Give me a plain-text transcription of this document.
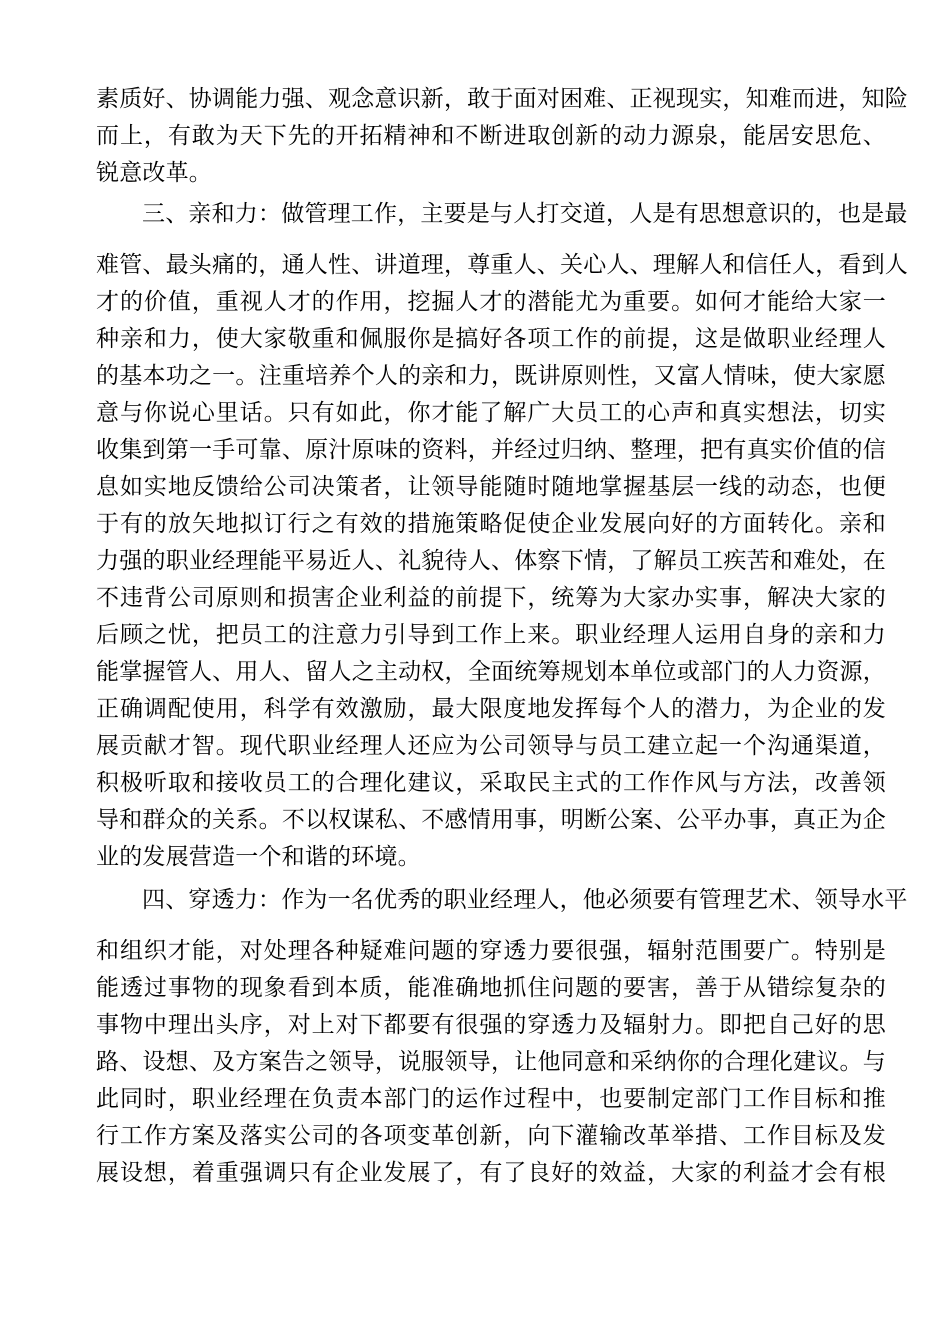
素质好、协调能力强、观念意识新，敢于面对困难、正视现实，知难而进，知险
而上，有敢为天下先的开拓精神和不断进取创新的动力源泉，能居安思危、
锐意改革。
三、亲和力：做管理工作，主要是与人打交道，人是有思想意识的，也是最
难管、最头痛的，通人性、讲道理，尊重人、关心人、理解人和信任人，看到人
才的价值，重视人才的作用，挖掘人才的潜能尤为重要。如何才能给大家一
种亲和力，使大家敬重和佩服你是搞好各项工作的前提，这是做职业经理人
的基本功之一。注重培养个人的亲和力，既讲原则性，又富人情味，使大家愿
意与你说心里话。只有如此，你才能了解广大员工的心声和真实想法，切实
收集到第一手可靠、原汁原味的资料，并经过归纳、整理，把有真实价值的信
息如实地反馈给公司决策者，让领导能随时随地掌握基层一线的动态，也便
于有的放矢地拟订行之有效的措施策略促使企业发展向好的方面转化。亲和
力强的职业经理能平易近人、礼貌待人、体察下情，了解员工疾苦和难处，在
不违背公司原则和损害企业利益的前提下，统筹为大家办实事，解决大家的
后顾之忧，把员工的注意力引导到工作上来。职业经理人运用自身的亲和力
能掌握管人、用人、留人之主动权，全面统筹规划本单位或部门的人力资源，
正确调配使用，科学有效激励，最大限度地发挥每个人的潜力，为企业的发
展贡献才智。现代职业经理人还应为公司领导与员工建立起一个沟通渠道，
积极听取和接收员工的合理化建议，采取民主式的工作作风与方法，改善领
导和群众的关系。不以权谋私、不感情用事，明断公案、公平办事，真正为企
业的发展营造一个和谐的环境。
四、穿透力：作为一名优秀的职业经理人，他必须要有管理艺术、领导水平
和组织才能，对处理各种疑难问题的穿透力要很强，辐射范围要广。特别是
能透过事物的现象看到本质，能准确地抓住问题的要害，善于从错综复杂的
事物中理出头序，对上对下都要有很强的穿透力及辐射力。即把自己好的思
路、设想、及方案告之领导，说服领导，让他同意和采纳你的合理化建议。与
此同时，职业经理在负责本部门的运作过程中，也要制定部门工作目标和推
行工作方案及落实公司的各项变革创新，向下灌输改革举措、工作目标及发
展设想，着重强调只有企业发展了，有了良好的效益，大家的利益才会有根
